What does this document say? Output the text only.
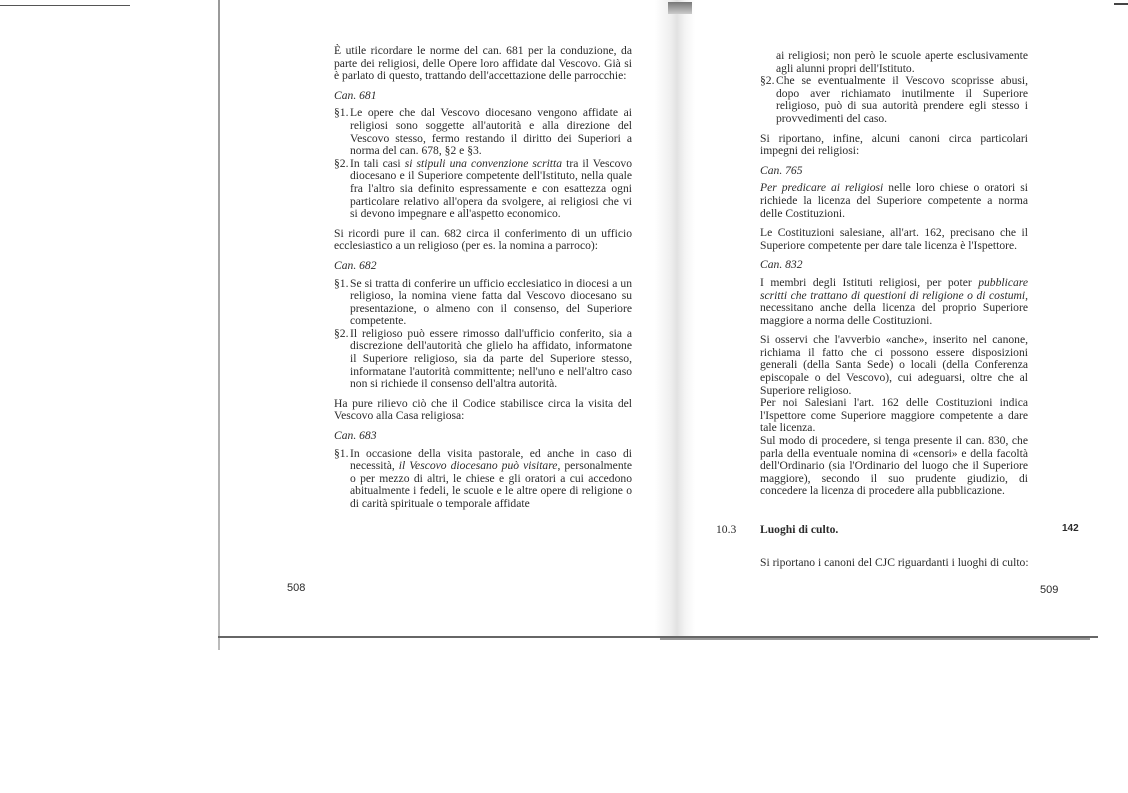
È utile ricordare le norme del can. 681 per la conduzione, da parte dei religiosi, delle Opere loro affidate dal Vescovo. Già si è parlato di questo, trattando dell'accettazione delle parrocchie:

Can. 681

§1. Le opere che dal Vescovo diocesano vengono affidate ai religiosi sono soggette all'autorità e alla direzione del Vescovo stesso, fermo restando il diritto dei Superiori a norma del can. 678, §2 e §3.
§2. In tali casi si stipuli una convenzione scritta tra il Vescovo diocesano e il Superiore competente dell'Istituto, nella quale fra l'altro sia definito espressamente e con esattezza ogni particolare relativo all'opera da svolgere, ai religiosi che vi si devono impegnare e all'aspetto economico.

Si ricordi pure il can. 682 circa il conferimento di un ufficio ecclesiastico a un religioso (per es. la nomina a parroco):

Can. 682

§1. Se si tratta di conferire un ufficio ecclesiatico in diocesi a un religioso, la nomina viene fatta dal Vescovo diocesano su presentazione, o almeno con il consenso, del Superiore competente.
§2. Il religioso può essere rimosso dall'ufficio conferito, sia a discrezione dell'autorità che glielo ha affidato, informatone il Superiore religioso, sia da parte del Superiore stesso, informatane l'autorità committente; nell'uno e nell'altro caso non si richiede il consenso dell'altra autorità.

Ha pure rilievo ciò che il Codice stabilisce circa la visita del Vescovo alla Casa religiosa:

Can. 683

§1. In occasione della visita pastorale, ed anche in caso di necessità, il Vescovo diocesano può visitare, personalmente o per mezzo di altri, le chiese e gli oratori a cui accedono abitualmente i fedeli, le scuole e le altre opere di religione o di carità spirituale o temporale affidate
508
ai religiosi; non però le scuole aperte esclusivamente agli alunni propri dell'Istituto.
§2. Che se eventualmente il Vescovo scoprisse abusi, dopo aver richiamato inutilmente il Superiore religioso, può di sua autorità prendere egli stesso i provvedimenti del caso.

Si riportano, infine, alcuni canoni circa particolari impegni dei religiosi:

Can. 765

Per predicare ai religiosi nelle loro chiese o oratori si richiede la licenza del Superiore competente a norma delle Costituzioni.

Le Costituzioni salesiane, all'art. 162, precisano che il Superiore competente per dare tale licenza è l'Ispettore.

Can. 832

I membri degli Istituti religiosi, per poter pubblicare scritti che trattano di questioni di religione o di costumi, necessitano anche della licenza del proprio Superiore maggiore a norma delle Costituzioni.

Si osservi che l'avverbio «anche», inserito nel canone, richiama il fatto che ci possono essere disposizioni generali (della Santa Sede) o locali (della Conferenza episcopale o del Vescovo), cui adeguarsi, oltre che al Superiore religioso.

Per noi Salesiani l'art. 162 delle Costituzioni indica l'Ispettore come Superiore maggiore competente a dare tale licenza.

Sul modo di procedere, si tenga presente il can. 830, che parla della eventuale nomina di «censori» e della facoltà dell'Ordinario (sia l'Ordinario del luogo che il Superiore maggiore), secondo il suo prudente giudizio, di concedere la licenza di procedere alla pubblicazione.

10.3 Luoghi di culto.	142
Si riportano i canoni del CJC riguardanti i luoghi di culto:
509
